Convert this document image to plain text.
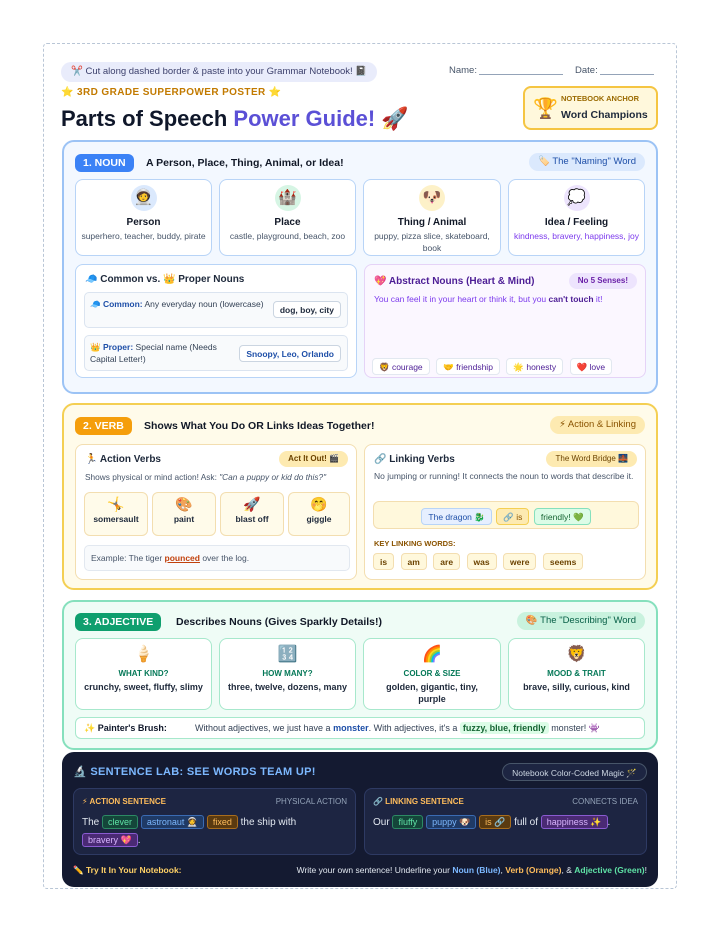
✂️ Cut along dashed border & paste into your Grammar Notebook! 📓	Name:	Date:
⭐ 3RD GRADE SUPERPOWER POSTER ⭐
Parts of Speech Power Guide! 🚀	🏆 NOTEBOOK ANCHOR
Word Champions
1. NOUN	A Person, Place, Thing, Animal, or Idea!	🏷️ The "Naming" Word
🧑‍🚀
Person
superhero, teacher, buddy, pirate
🏰
Place
castle, playground, beach, zoo
🐶
Thing / Animal
puppy, pizza slice, skateboard, book
💭
Idea / Feeling
kindness, bravery, happiness, joy
🧢 Common vs. 👑 Proper Nouns
🧢 Common: Any everyday noun (lowercase)
dog, boy, city
👑 Proper: Special name (Needs Capital Letter!)	Snoopy, Leo, Orlando
💖 Abstract Nouns (Heart & Mind)	No 5 Senses!
You can feel it in your heart or think it, but you can't touch it!
🦁 courage 🤝 friendship 🌟 honesty ❤️ love
2. VERB	Shows What You Do OR Links Ideas Together!	⚡ Action & Linking
🏃 Action Verbs	Act It Out! 🎬
Shows physical or mind action! Ask: "Can a puppy or kid do this?"
🤸
somersault
🎨
paint
🚀
blast off
🤭
giggle
Example: The tiger pounced over the log.
🔗 Linking Verbs	The Word Bridge 🌉
No jumping or running! It connects the noun to words that describe it.
The dragon 🐉 🔗 is friendly! 💚
KEY LINKING WORDS:
is am are was were seems
3. ADJECTIVE	Describes Nouns (Gives Sparkly Details!)	🎨 The "Describing" Word
🍦
WHAT KIND?
crunchy, sweet, fluffy, slimy
🔢
HOW MANY?
three, twelve, dozens, many
🌈
COLOR & SIZE
golden, gigantic, tiny, purple
🦁
MOOD & TRAIT
brave, silly, curious, kind
✨ Painter's Brush:	Without adjectives, we just have a monster. With adjectives, it's a fuzzy, blue, friendly monster! 👾
🔬 SENTENCE LAB: SEE WORDS TEAM UP!	Notebook Color-Coded Magic 🪄
⚡ ACTION SENTENCE	PHYSICAL ACTION
The clever astronaut 👩‍🚀 fixed the ship with bravery 💖 .
🔗 LINKING SENTENCE	CONNECTS IDEA
Our fluffy puppy 🐶 is 🔗 full of happiness ✨ .
✏️ Try It In Your Notebook:	Write your own sentence! Underline your Noun (Blue), Verb (Orange), & Adjective (Green)!
